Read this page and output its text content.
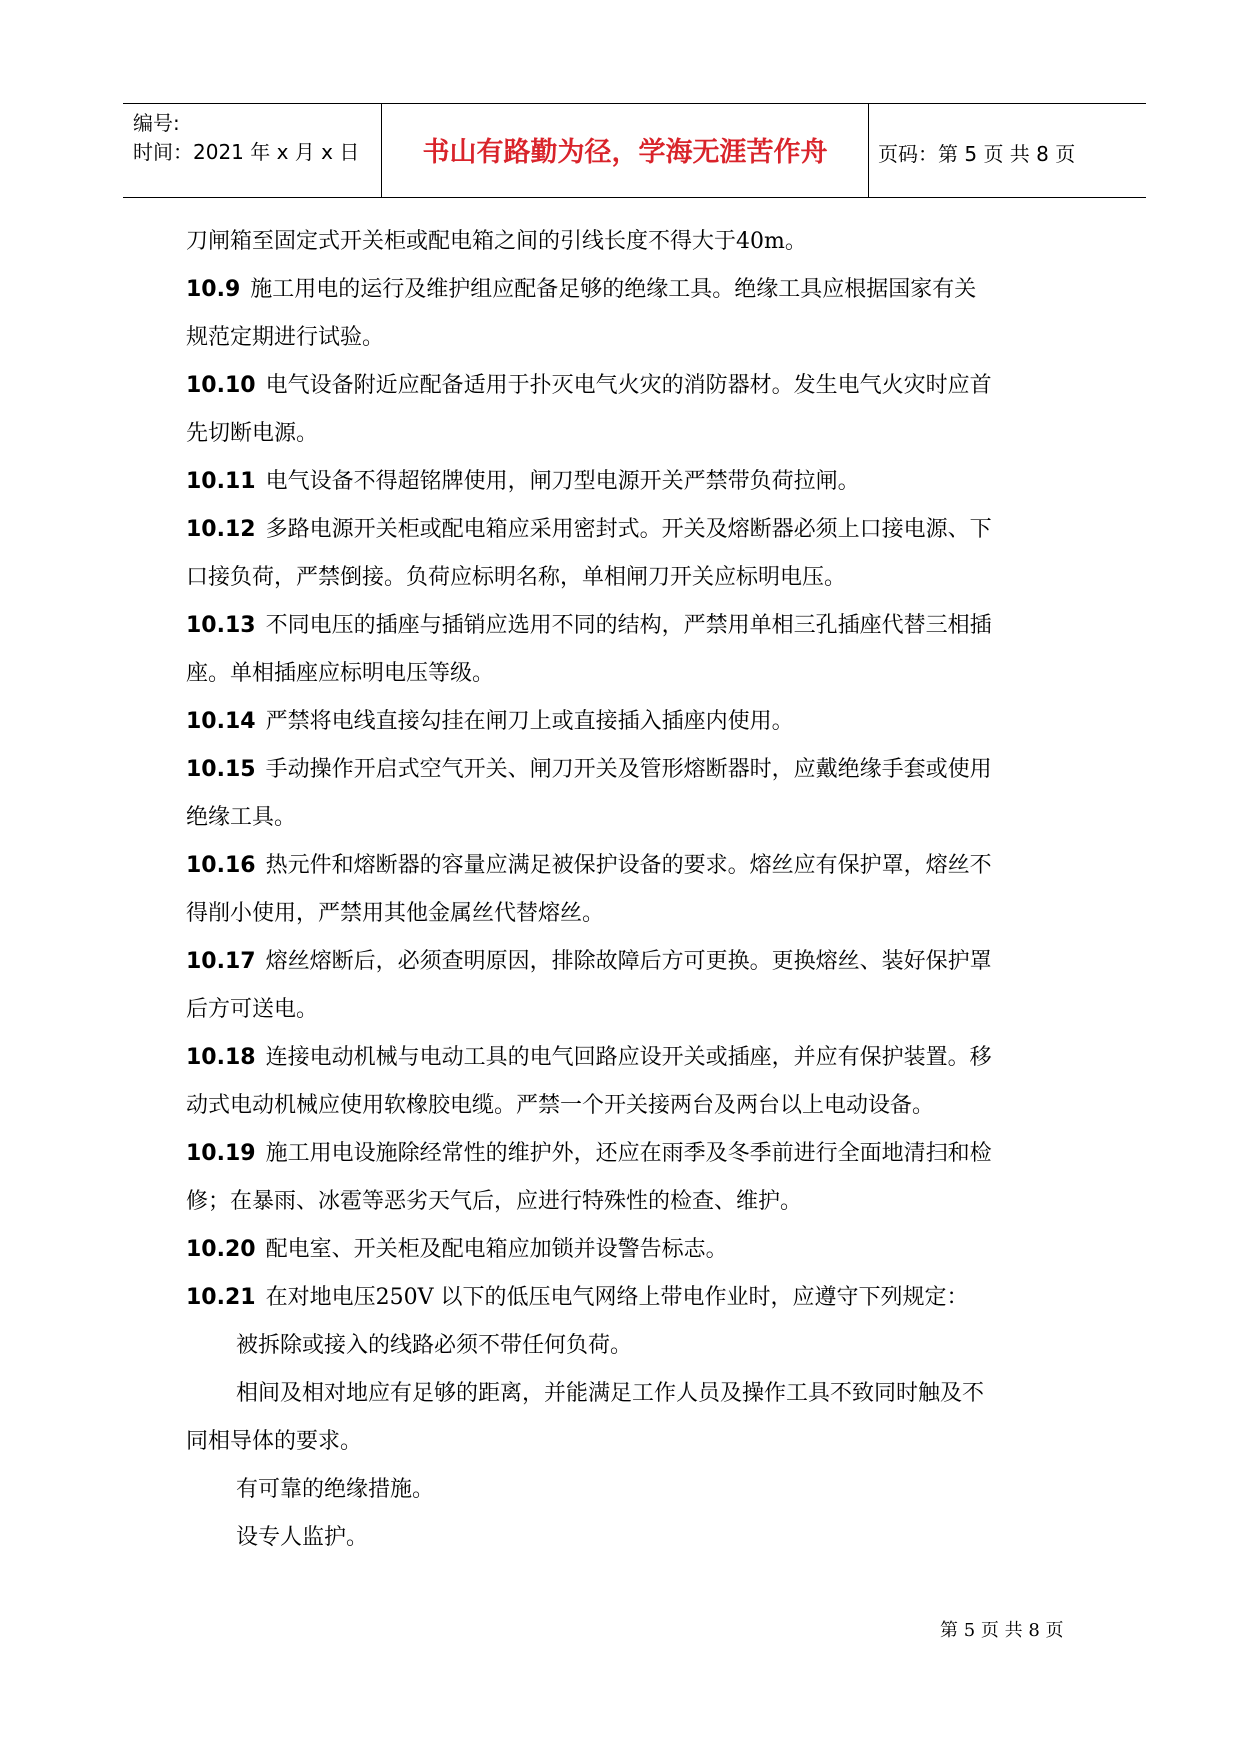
编号:
时间：2021 年 x 月 x 日	书山有路勤为径，学海无涯苦作舟	页码：第 5 页 共 8 页
刀闸箱至固定式开关柜或配电箱之间的引线长度不得大于40m。
10.9 施工用电的运行及维护组应配备足够的绝缘工具。绝缘工具应根据国家有关
规范定期进行试验。
10.10 电气设备附近应配备适用于扑灭电气火灾的消防器材。发生电气火灾时应首
先切断电源。
10.11 电气设备不得超铭牌使用，闸刀型电源开关严禁带负荷拉闸。
10.12 多路电源开关柜或配电箱应采用密封式。开关及熔断器必须上口接电源、下
口接负荷，严禁倒接。负荷应标明名称，单相闸刀开关应标明电压。
10.13 不同电压的插座与插销应选用不同的结构，严禁用单相三孔插座代替三相插
座。单相插座应标明电压等级。
10.14 严禁将电线直接勾挂在闸刀上或直接插入插座内使用。
10.15 手动操作开启式空气开关、闸刀开关及管形熔断器时，应戴绝缘手套或使用
绝缘工具。
10.16 热元件和熔断器的容量应满足被保护设备的要求。熔丝应有保护罩，熔丝不
得削小使用，严禁用其他金属丝代替熔丝。
10.17 熔丝熔断后，必须查明原因，排除故障后方可更换。更换熔丝、装好保护罩
后方可送电。
10.18 连接电动机械与电动工具的电气回路应设开关或插座，并应有保护装置。移
动式电动机械应使用软橡胶电缆。严禁一个开关接两台及两台以上电动设备。
10.19 施工用电设施除经常性的维护外，还应在雨季及冬季前进行全面地清扫和检
修；在暴雨、冰雹等恶劣天气后，应进行特殊性的检查、维护。
10.20 配电室、开关柜及配电箱应加锁并设警告标志。
10.21 在对地电压250V 以下的低压电气网络上带电作业时，应遵守下列规定：
被拆除或接入的线路必须不带任何负荷。
相间及相对地应有足够的距离，并能满足工作人员及操作工具不致同时触及不
同相导体的要求。
有可靠的绝缘措施。
设专人监护。
第 5 页 共 8 页
